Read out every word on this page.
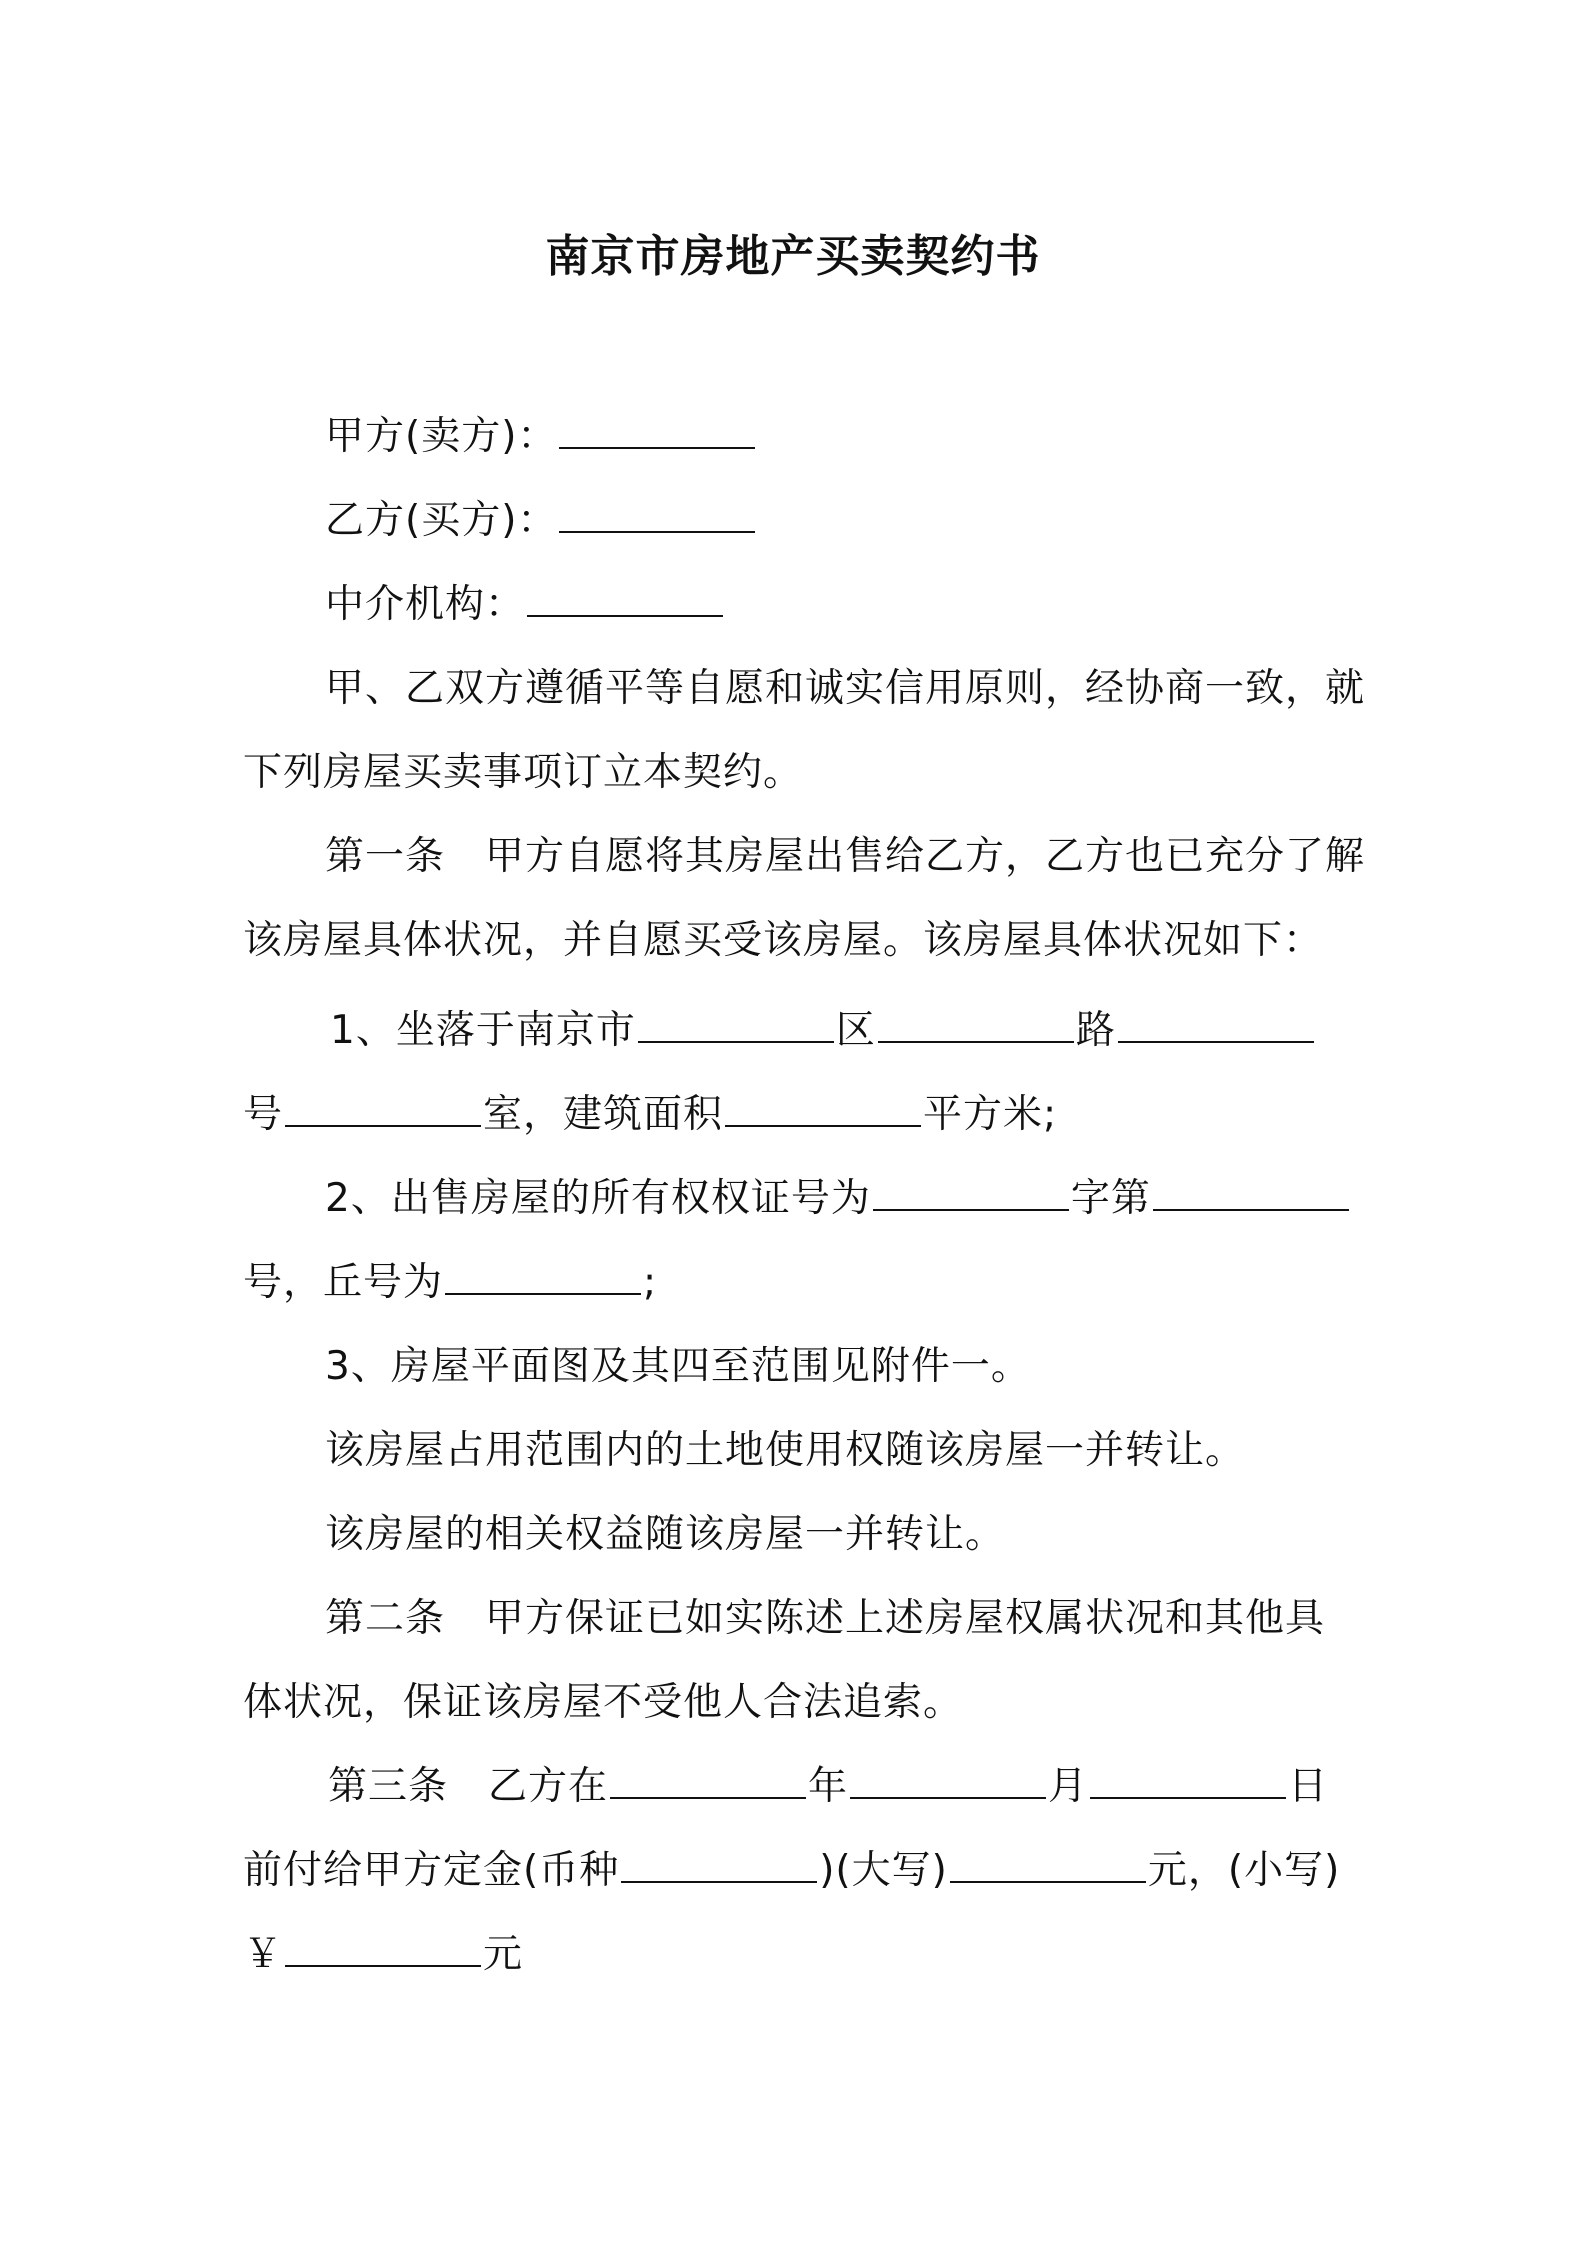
南京市房地产买卖契约书
甲方(卖方)：
乙方(买方)：
中介机构：
甲、乙双方遵循平等自愿和诚实信用原则，经协商一致，就
下列房屋买卖事项订立本契约。
第一条 甲方自愿将其房屋出售给乙方，乙方也已充分了解
该房屋具体状况，并自愿买受该房屋。该房屋具体状况如下：
1、坐落于南京市	区	路
号	室，建筑面积	平方米;
2、出售房屋的所有权权证号为	字第
号，丘号为	;
3、房屋平面图及其四至范围见附件一。
该房屋占用范围内的土地使用权随该房屋一并转让。
该房屋的相关权益随该房屋一并转让。
第二条 甲方保证已如实陈述上述房屋权属状况和其他具
体状况，保证该房屋不受他人合法追索。
第三条 乙方在	年	月	日
前付给甲方定金(币种	)(大写)	元，(小写)
￥	元
